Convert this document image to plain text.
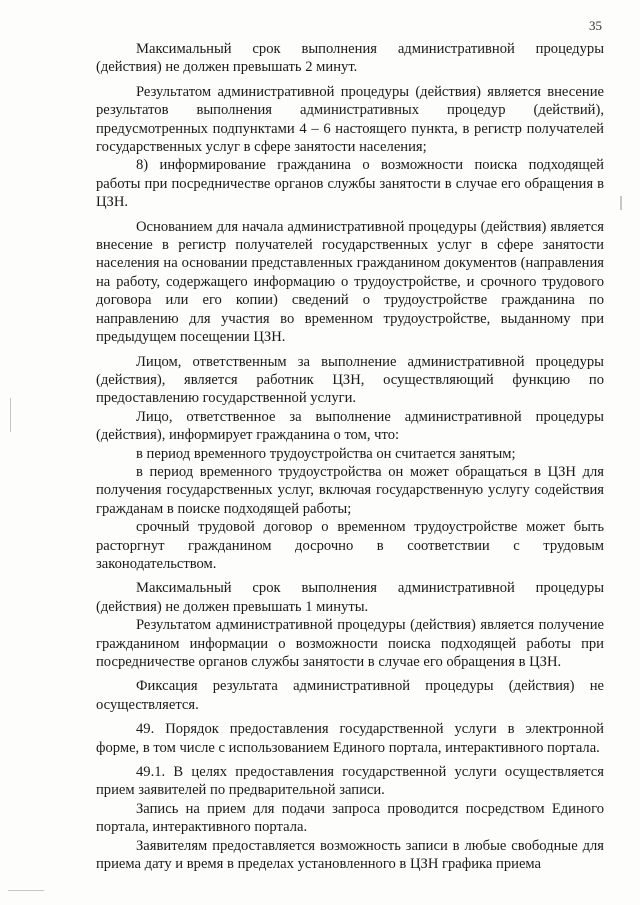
35

Максимальный срок выполнения административной процедуры (действия) не должен превышать 2 минут.

Результатом административной процедуры (действия) является внесение результатов выполнения административных процедур (действий), предусмотренных подпунктами 4 – 6 настоящего пункта, в регистр получателей государственных услуг в сфере занятости населения;

8) информирование гражданина о возможности поиска подходящей работы при посредничестве органов службы занятости в случае его обращения в ЦЗН.

Основанием для начала административной процедуры (действия) является внесение в регистр получателей государственных услуг в сфере занятости населения на основании представленных гражданином документов (направления на работу, содержащего информацию о трудоустройстве, и срочного трудового договора или его копии) сведений о трудоустройстве гражданина по направлению для участия во временном трудоустройстве, выданному при предыдущем посещении ЦЗН.

Лицом, ответственным за выполнение административной процедуры (действия), является работник ЦЗН, осуществляющий функцию по предоставлению государственной услуги.

Лицо, ответственное за выполнение административной процедуры (действия), информирует гражданина о том, что:

в период временного трудоустройства он считается занятым;

в период временного трудоустройства он может обращаться в ЦЗН для получения государственных услуг, включая государственную услугу содействия гражданам в поиске подходящей работы;

срочный трудовой договор о временном трудоустройстве может быть расторгнут гражданином досрочно в соответствии с трудовым законодательством.

Максимальный срок выполнения административной процедуры (действия) не должен превышать 1 минуты.

Результатом административной процедуры (действия) является получение гражданином информации о возможности поиска подходящей работы при посредничестве органов службы занятости в случае его обращения в ЦЗН.

Фиксация результата административной процедуры (действия) не осуществляется.

49. Порядок предоставления государственной услуги в электронной форме, в том числе с использованием Единого портала, интерактивного портала.

49.1. В целях предоставления государственной услуги осуществляется прием заявителей по предварительной записи.

Запись на прием для подачи запроса проводится посредством Единого портала, интерактивного портала.

Заявителям предоставляется возможность записи в любые свободные для приема дату и время в пределах установленного в ЦЗН графика приема
